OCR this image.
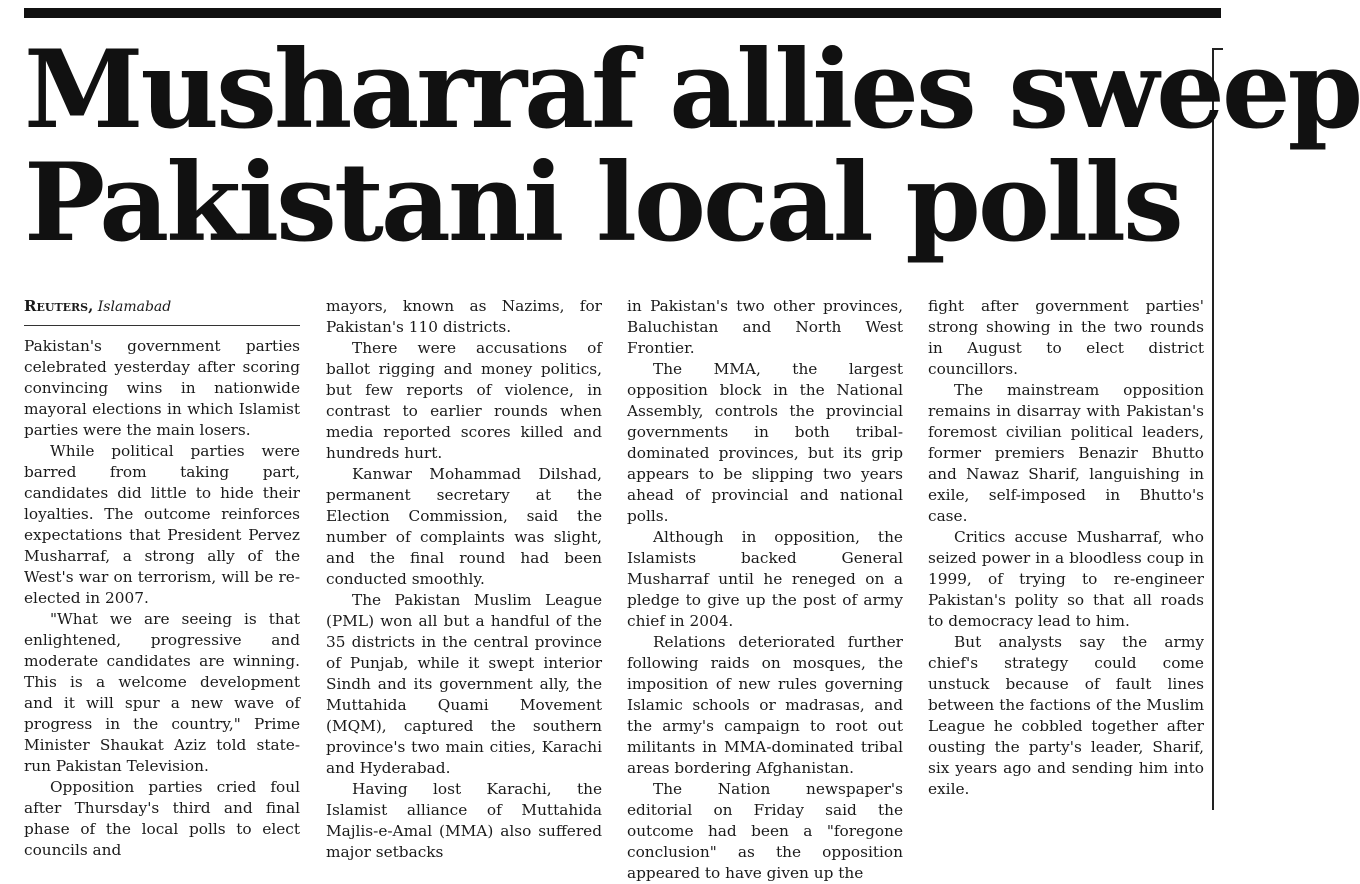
Musharraf allies sweep
Pakistani local polls
Reuters, Islamabad

Pakistan's government parties celebrated yesterday after scoring convincing wins in nationwide mayoral elections in which Islamist parties were the main losers.

While political parties were barred from taking part, candidates did little to hide their loyalties. The outcome reinforces expectations that President Pervez Musharraf, a strong ally of the West's war on terrorism, will be re-elected in 2007.

"What we are seeing is that enlightened, progressive and moderate candidates are winning. This is a welcome development and it will spur a new wave of progress in the country," Prime Minister Shaukat Aziz told state-run Pakistan Television.

Opposition parties cried foul after Thursday's third and final phase of the local polls to elect councils and

mayors, known as Nazims, for Pakistan's 110 districts.

There were accusations of ballot rigging and money politics, but few reports of violence, in contrast to earlier rounds when media reported scores killed and hundreds hurt.

Kanwar Mohammad Dilshad, permanent secretary at the Election Commission, said the number of complaints was slight, and the final round had been conducted smoothly.

The Pakistan Muslim League (PML) won all but a handful of the 35 districts in the central province of Punjab, while it swept interior Sindh and its government ally, the Muttahida Quami Movement (MQM), captured the southern province's two main cities, Karachi and Hyderabad.

Having lost Karachi, the Islamist alliance of Muttahida Majlis-e-Amal (MMA) also suffered major setbacks

in Pakistan's two other provinces, Baluchistan and North West Frontier.

The MMA, the largest opposition block in the National Assembly, controls the provincial governments in both tribal-dominated provinces, but its grip appears to be slipping two years ahead of provincial and national polls.

Although in opposition, the Islamists backed General Musharraf until he reneged on a pledge to give up the post of army chief in 2004.

Relations deteriorated further following raids on mosques, the imposition of new rules governing Islamic schools or madrasas, and the army's campaign to root out militants in MMA-dominated tribal areas bordering Afghanistan.

The Nation newspaper's editorial on Friday said the outcome had been a "foregone conclusion" as the opposition appeared to have given up the

fight after government parties' strong showing in the two rounds in August to elect district councillors.

The mainstream opposition remains in disarray with Pakistan's foremost civilian political leaders, former premiers Benazir Bhutto and Nawaz Sharif, languishing in exile, self-imposed in Bhutto's case.

Critics accuse Musharraf, who seized power in a bloodless coup in 1999, of trying to re-engineer Pakistan's polity so that all roads to democracy lead to him.

But analysts say the army chief's strategy could come unstuck because of fault lines between the factions of the Muslim League he cobbled together after ousting the party's leader, Sharif, six years ago and sending him into exile.
